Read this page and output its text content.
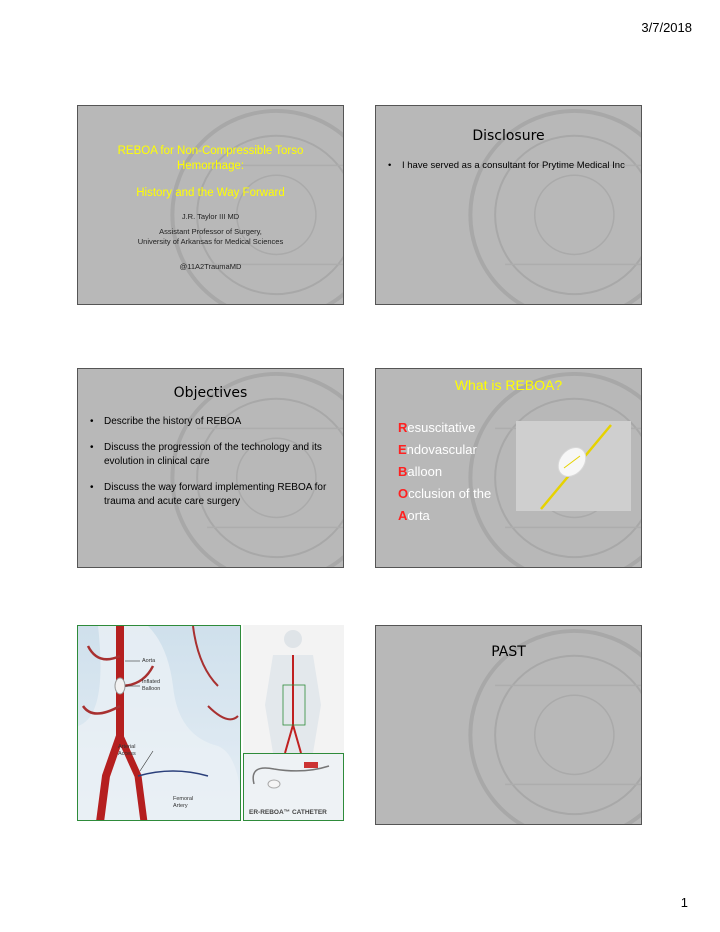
3/7/2018
REBOA for Non-Compressible Torso
Hemorrhage:
History and the Way Forward
J.R. Taylor III MD
Assistant Professor of Surgery,
University of Arkansas for Medical Sciences
@11A2TraumaMD
Disclosure
•	I have served as a consultant for Prytime Medical Inc
Objectives
•	Describe the history of REBOA
•	Discuss the progression of the technology and its evolution in clinical care
•	Discuss the way forward implementing REBOA for trauma and acute care surgery
What is REBOA?
Resuscitative
Endovascular
Balloon
Occlusion of the
Aorta
Aorta
Inflated
Balloon
Arterial
Access
Femoral
Artery
ER-REBOA™ CATHETER
PAST
1
